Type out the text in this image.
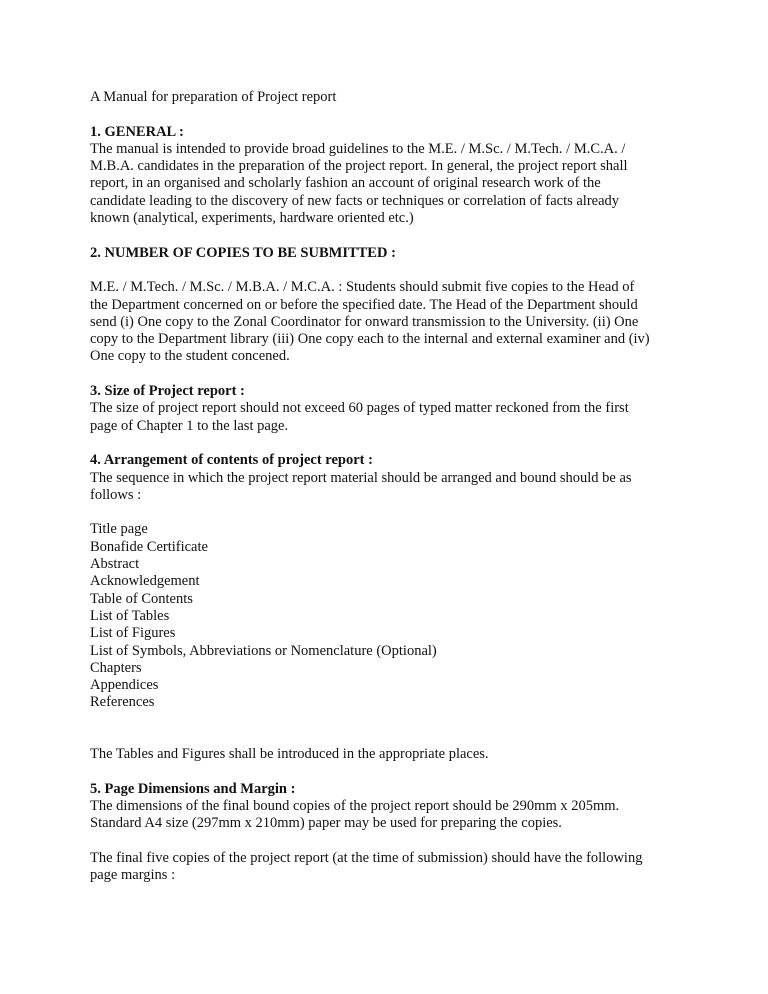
A Manual for preparation of Project report
1. GENERAL :
The manual is intended to provide broad guidelines to the M.E. / M.Sc. / M.Tech. / M.C.A. /
M.B.A. candidates in the preparation of the project report. In general, the project report shall
report, in an organised and scholarly fashion an account of original research work of the
candidate leading to the discovery of new facts or techniques or correlation of facts already
known (analytical, experiments, hardware oriented etc.)
2. NUMBER OF COPIES TO BE SUBMITTED :
M.E. / M.Tech. / M.Sc. / M.B.A. / M.C.A. : Students should submit five copies to the Head of
the Department concerned on or before the specified date. The Head of the Department should
send (i) One copy to the Zonal Coordinator for onward transmission to the University. (ii) One
copy to the Department library (iii) One copy each to the internal and external examiner and (iv)
One copy to the student concened.
3. Size of Project report :
The size of project report should not exceed 60 pages of typed matter reckoned from the first
page of Chapter 1 to the last page.
4. Arrangement of contents of project report :
The sequence in which the project report material should be arranged and bound should be as
follows :
Title page
Bonafide Certificate
Abstract
Acknowledgement
Table of Contents
List of Tables
List of Figures
List of Symbols, Abbreviations or Nomenclature (Optional)
Chapters
Appendices
References
The Tables and Figures shall be introduced in the appropriate places.
5. Page Dimensions and Margin :
The dimensions of the final bound copies of the project report should be 290mm x 205mm.
Standard A4 size (297mm x 210mm) paper may be used for preparing the copies.
The final five copies of the project report (at the time of submission) should have the following
page margins :
